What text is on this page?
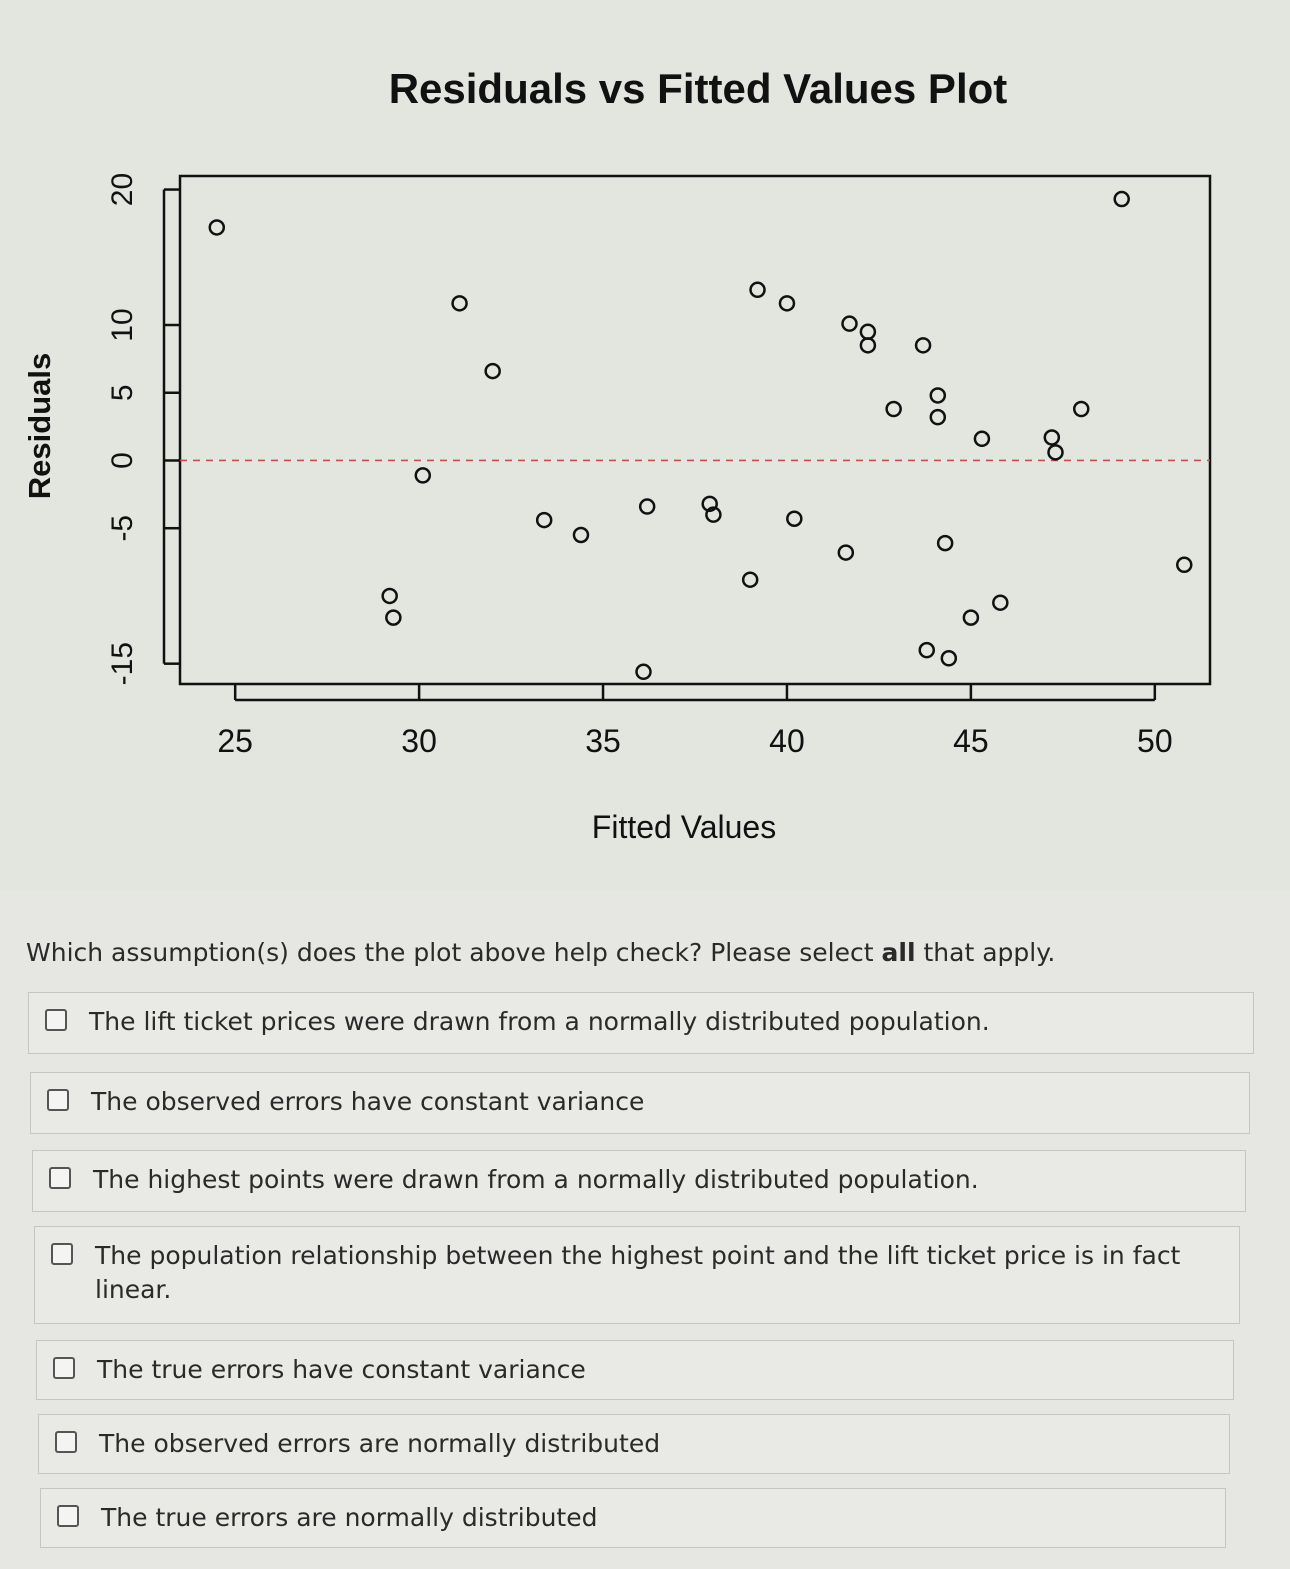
Residuals vs Fitted Values Plot
-15
-5
0
5
10
20
25	30	35	40	45	50
Fitted Values
Residuals
Which assumption(s) does the plot above help check? Please select all that apply.
The lift ticket prices were drawn from a normally distributed population.
The observed errors have constant variance
The highest points were drawn from a normally distributed population.
The population relationship between the highest point and the lift ticket price is in fact linear.
The true errors have constant variance
The observed errors are normally distributed
The true errors are normally distributed
